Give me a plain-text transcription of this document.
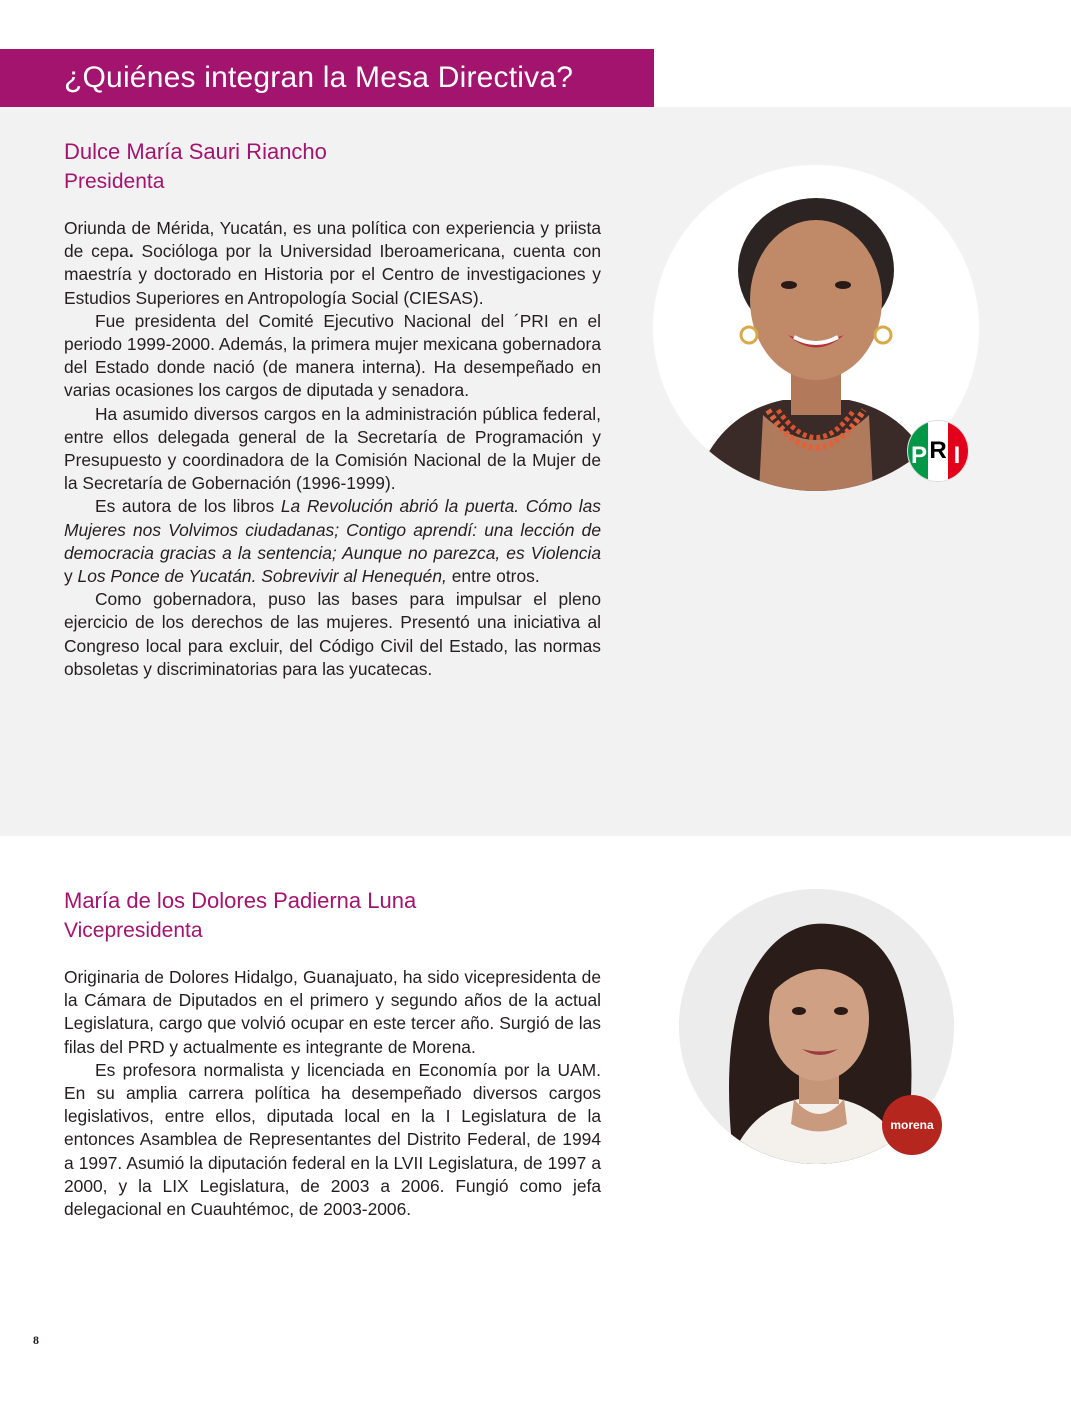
¿Quiénes integran la Mesa Directiva?
Dulce María Sauri Riancho
Presidenta

Oriunda de Mérida, Yucatán, es una política con experiencia y priista de cepa. Socióloga por la Universidad Iberoamericana, cuenta con maestría y doctorado en Historia por el Centro de investigaciones y Estudios Superiores en Antropología Social (CIESAS).

Fue presidenta del Comité Ejecutivo Nacional del ´PRI en el periodo 1999-2000. Además, la primera mujer mexicana gobernadora del Estado donde nació (de manera interna). Ha desempeñado en varias ocasiones los cargos de diputada y senadora.

Ha asumido diversos cargos en la administración pública federal, entre ellos delegada general de la Secretaría de Programación y Presupuesto y coordinadora de la Comisión Nacional de la Mujer de la Secretaría de Gobernación (1996-1999).

Es autora de los libros La Revolución abrió la puerta. Cómo las Mujeres nos Volvimos ciudadanas; Contigo aprendí: una lección de democracia gracias a la sentencia; Aunque no parezca, es Violencia y Los Ponce de Yucatán. Sobrevivir al Henequén, entre otros.

Como gobernadora, puso las bases para impulsar el pleno ejercicio de los derechos de las mujeres. Presentó una iniciativa al Congreso local para excluir, del Código Civil del Estado, las normas obsoletas y discriminatorias para las yucatecas.

P R I
María de los Dolores Padierna Luna
Vicepresidenta

Originaria de Dolores Hidalgo, Guanajuato, ha sido vicepresidenta de la Cámara de Diputados en el primero y segundo años de la actual Legislatura, cargo que volvió ocupar en este tercer año. Surgió de las filas del PRD y actualmente es integrante de Morena.

Es profesora normalista y licenciada en Economía por la UAM. En su amplia carrera política ha desempeñado diversos cargos legislativos, entre ellos, diputada local en la I Legislatura de la entonces Asamblea de Representantes del Distrito Federal, de 1994 a 1997. Asumió la diputación federal en la LVII Legislatura, de 1997 a 2000, y la LIX Legislatura, de 2003 a 2006. Fungió como jefa delegacional en Cuauhtémoc, de 2003-2006.

morena
8
